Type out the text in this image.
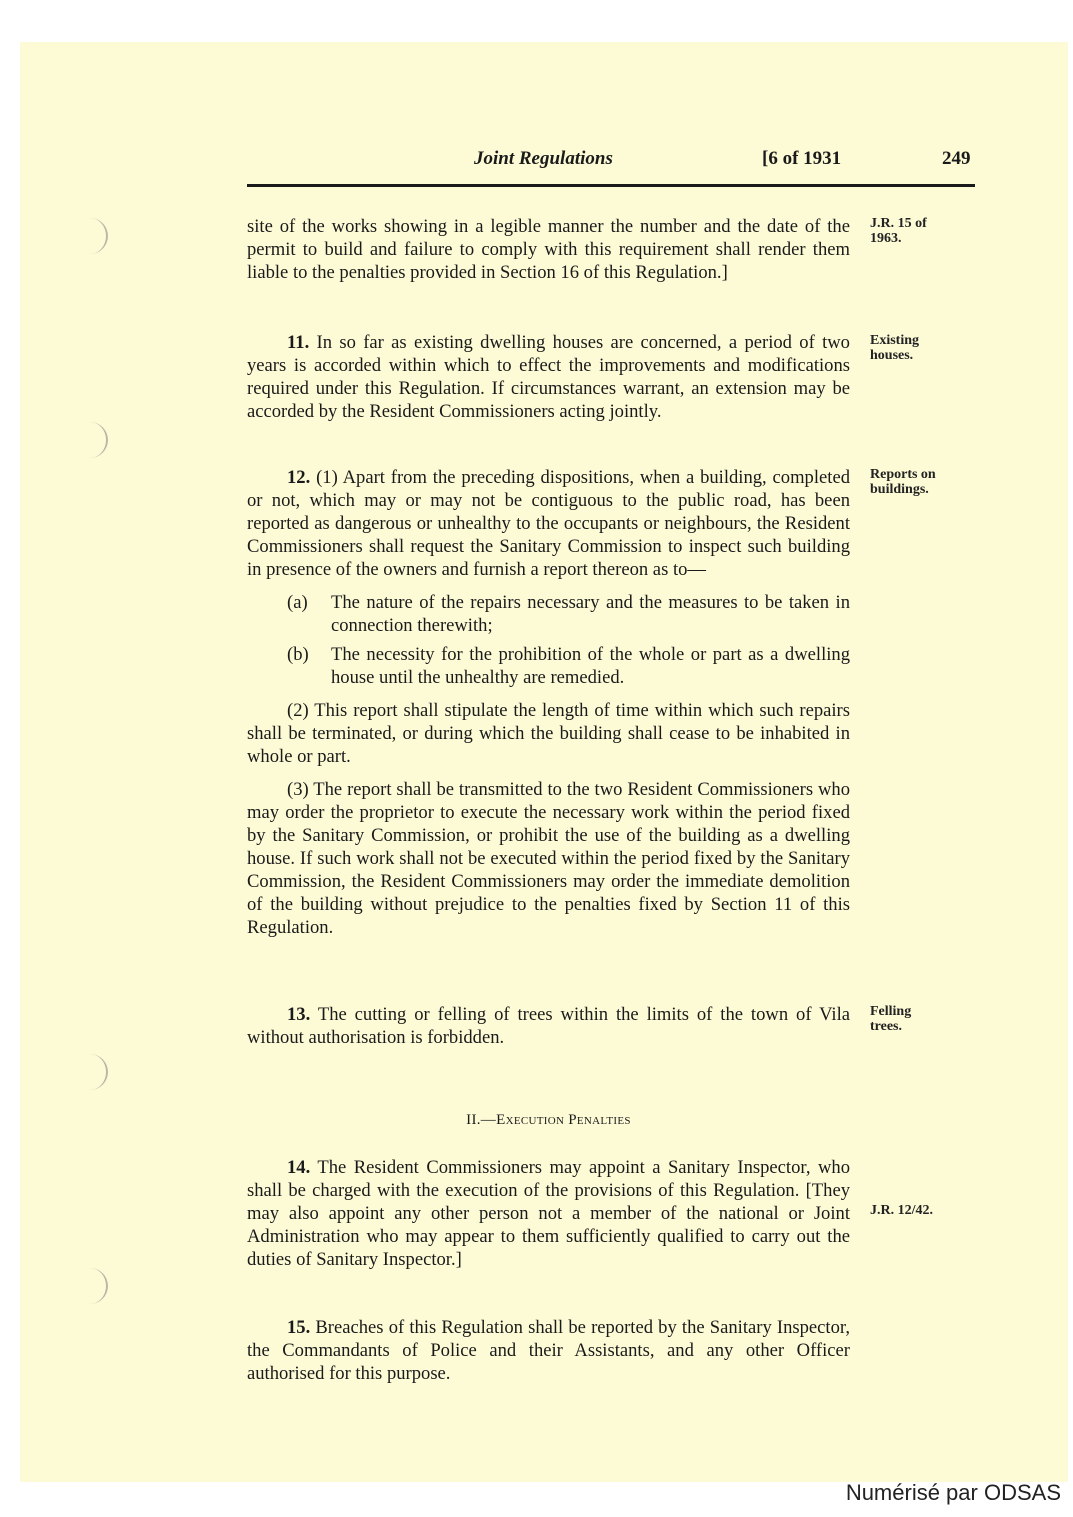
Joint Regulations	[6 of 1931	249

site of the works showing in a legible manner the number and the date of the permit to build and failure to comply with this requirement shall render them liable to the penalties provided in Section 16 of this Regulation.]

11. In so far as existing dwelling houses are concerned, a period of two years is accorded within which to effect the improvements and modifications required under this Regulation. If circumstances warrant, an extension may be accorded by the Resident Commissioners acting jointly.

12. (1) Apart from the preceding dispositions, when a building, completed or not, which may or may not be contiguous to the public road, has been reported as dangerous or unhealthy to the occupants or neighbours, the Resident Commissioners shall request the Sanitary Commission to inspect such building in presence of the owners and furnish a report thereon as to—

(a)	The nature of the repairs necessary and the measures to be taken in connection therewith;
(b)	The necessity for the prohibition of the whole or part as a dwelling house until the unhealthy are remedied.

(2) This report shall stipulate the length of time within which such repairs shall be terminated, or during which the building shall cease to be inhabited in whole or part.

(3) The report shall be transmitted to the two Resident Commissioners who may order the proprietor to execute the necessary work within the period fixed by the Sanitary Commission, or prohibit the use of the building as a dwelling house. If such work shall not be executed within the period fixed by the Sanitary Commission, the Resident Commissioners may order the immediate demolition of the building without prejudice to the penalties fixed by Section 11 of this Regulation.

13. The cutting or felling of trees within the limits of the town of Vila without authorisation is forbidden.

II.—Execution Penalties

14. The Resident Commissioners may appoint a Sanitary Inspector, who shall be charged with the execution of the provisions of this Regulation. [They may also appoint any other person not a member of the national or Joint Administration who may appear to them sufficiently qualified to carry out the duties of Sanitary Inspector.]

15. Breaches of this Regulation shall be reported by the Sanitary Inspector, the Commandants of Police and their Assistants, and any other Officer authorised for this purpose.

J.R. 15 of 1963.
Existing houses.
Reports on buildings.
Felling trees.
J.R. 12/42.
Numérisé par ODSAS
